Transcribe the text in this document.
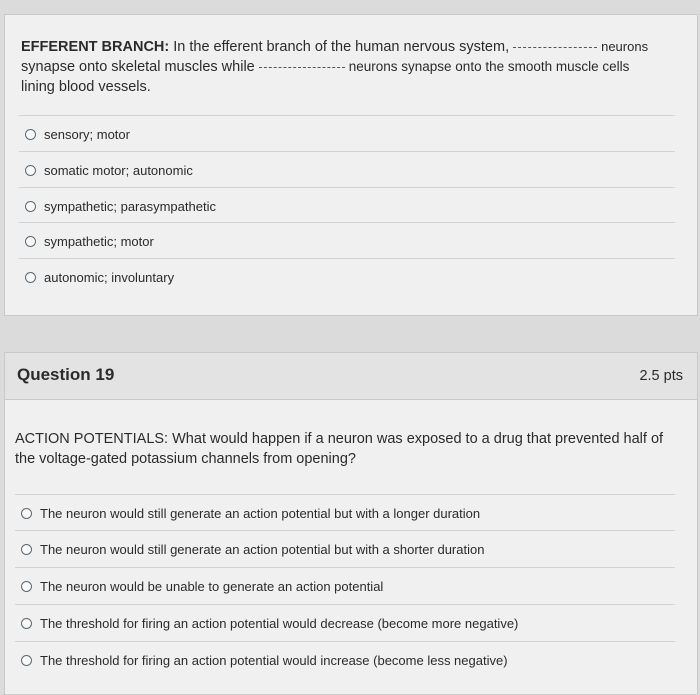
EFFERENT BRANCH:
In the efferent branch of the human nervous system,	neurons
synapse onto skeletal muscles while	neurons synapse onto the smooth muscle cells
lining blood vessels.
sensory; motor
somatic motor; autonomic
sympathetic; parasympathetic
sympathetic; motor
autonomic; involuntary
Question 19	2.5 pts
ACTION POTENTIALS: What would happen if a neuron was exposed to a drug that prevented half of the voltage-gated potassium channels from opening?
The neuron would still generate an action potential but with a longer duration
The neuron would still generate an action potential but with a shorter duration
The neuron would be unable to generate an action potential
The threshold for firing an action potential would decrease (become more negative)
The threshold for firing an action potential would increase (become less negative)
